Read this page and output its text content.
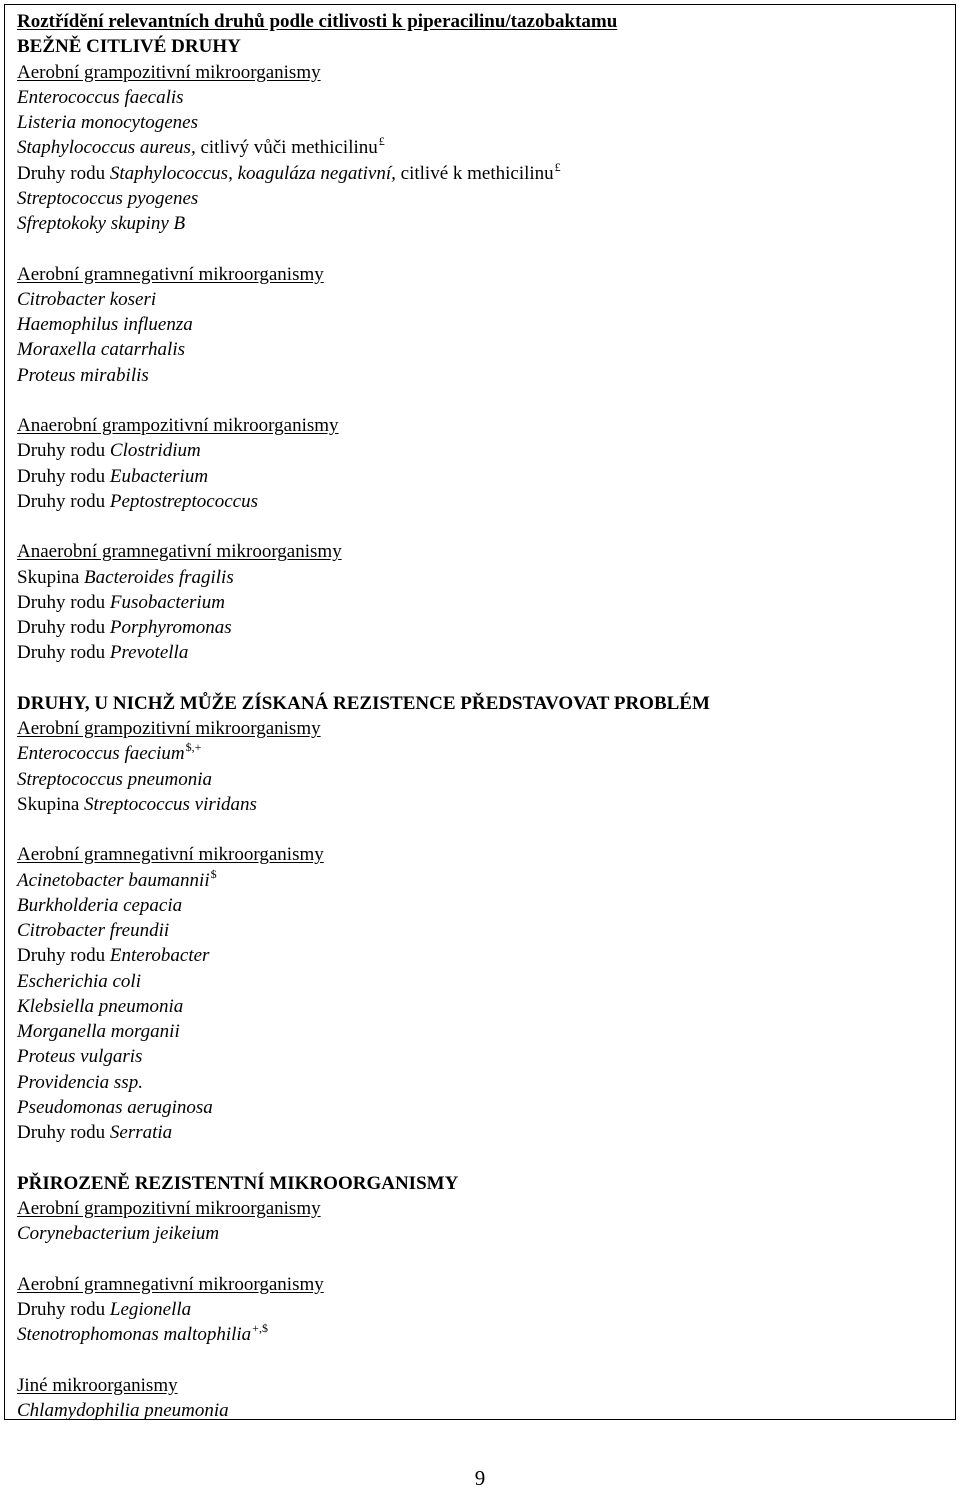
Roztřídění relevantních druhů podle citlivosti k piperacilinu/tazobaktamu
BEŽNĚ CITLIVÉ DRUHY
Aerobní grampozitivní mikroorganismy
Enterococcus faecalis
Listeria monocytogenes
Staphylococcus aureus, citlivý vůči methicilinu£
Druhy rodu Staphylococcus, koaguláza negativní, citlivé k methicilinu£
Streptococcus pyogenes
Sfreptokoky skupiny B
Aerobní gramnegativní mikroorganismy
Citrobacter koseri
Haemophilus influenza
Moraxella catarrhalis
Proteus mirabilis
Anaerobní grampozitivní mikroorganismy
Druhy rodu Clostridium
Druhy rodu Eubacterium
Druhy rodu Peptostreptococcus
Anaerobní gramnegativní mikroorganismy
Skupina Bacteroides fragilis
Druhy rodu Fusobacterium
Druhy rodu Porphyromonas
Druhy rodu Prevotella
DRUHY, U NICHŽ MŮŽE ZÍSKANÁ REZISTENCE PŘEDSTAVOVAT PROBLÉM
Aerobní grampozitivní mikroorganismy
Enterococcus faecium$,+
Streptococcus pneumonia
Skupina Streptococcus viridans
Aerobní gramnegativní mikroorganismy
Acinetobacter baumannii$
Burkholderia cepacia
Citrobacter freundii
Druhy rodu Enterobacter
Escherichia coli
Klebsiella pneumonia
Morganella morganii
Proteus vulgaris
Providencia ssp.
Pseudomonas aeruginosa
Druhy rodu Serratia
PŘIROZENĚ REZISTENTNÍ MIKROORGANISMY
Aerobní grampozitivní mikroorganismy
Corynebacterium jeikeium
Aerobní gramnegativní mikroorganismy
Druhy rodu Legionella
Stenotrophomonas maltophilia+,$
Jiné mikroorganismy
Chlamydophilia pneumonia
9
